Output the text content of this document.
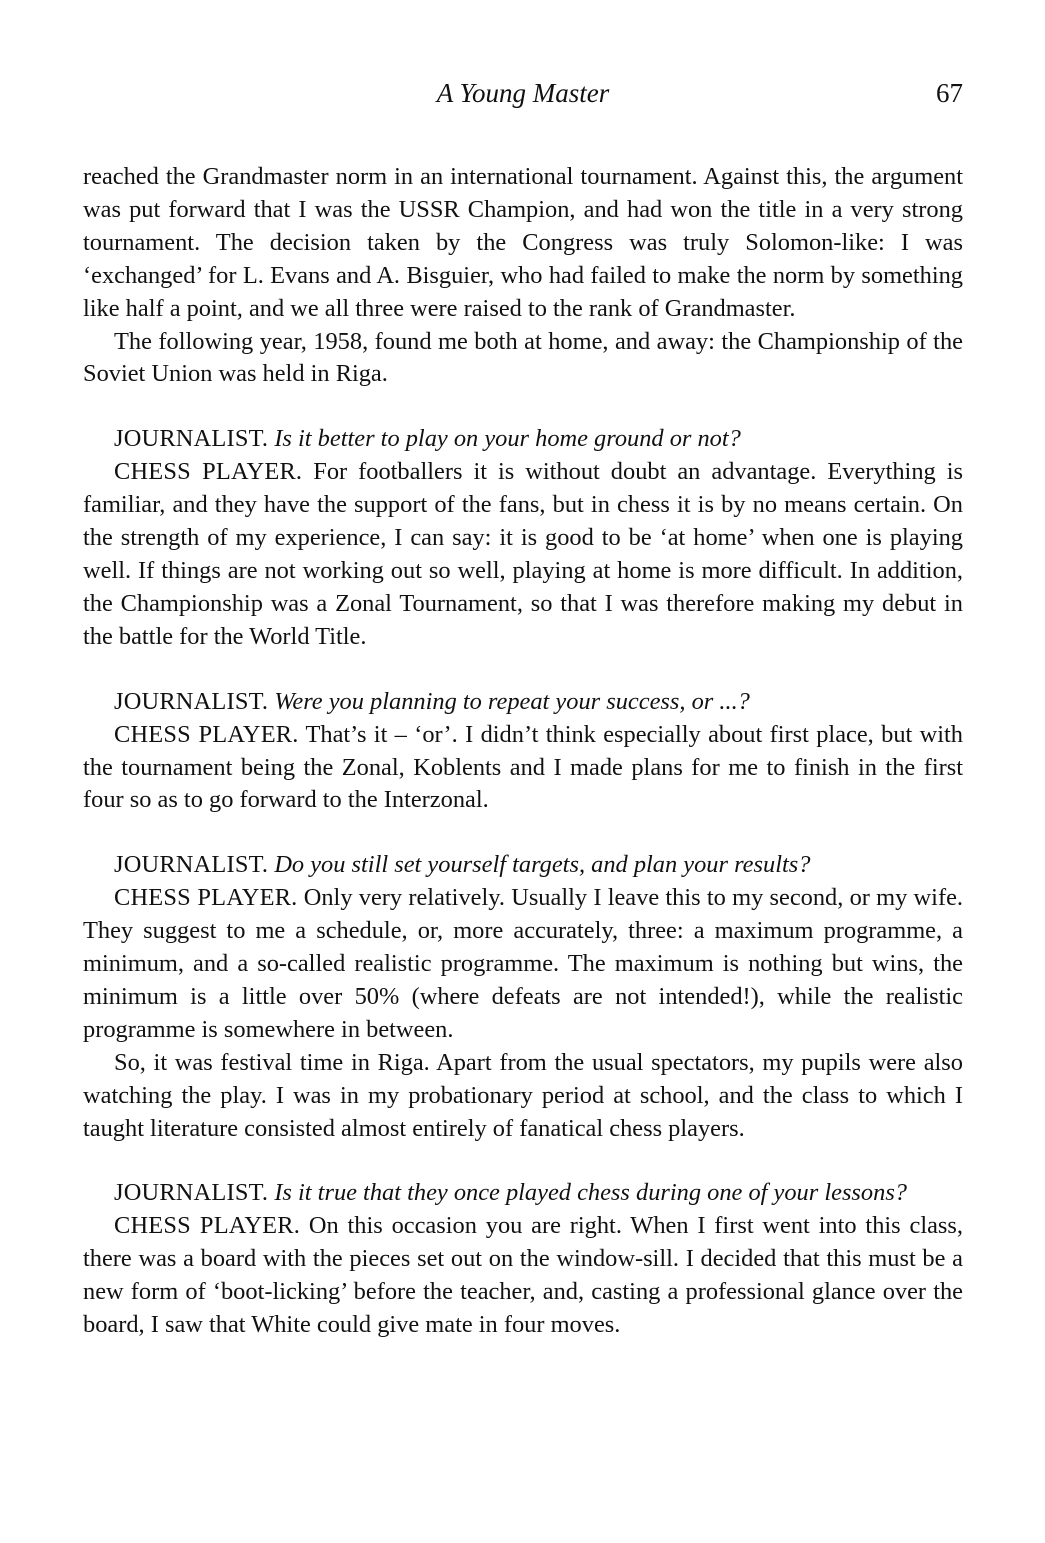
A Young Master	67

reached the Grandmaster norm in an international tournament. Against this, the argument was put forward that I was the USSR Champion, and had won the title in a very strong tournament. The decision taken by the Congress was truly Solomon-like: I was ‘exchanged’ for L. Evans and A. Bisguier, who had failed to make the norm by something like half a point, and we all three were raised to the rank of Grandmaster.

The following year, 1958, found me both at home, and away: the Championship of the Soviet Union was held in Riga.

JOURNALIST. Is it better to play on your home ground or not?

CHESS PLAYER. For footballers it is without doubt an advantage. Everything is familiar, and they have the support of the fans, but in chess it is by no means certain. On the strength of my experience, I can say: it is good to be ‘at home’ when one is playing well. If things are not working out so well, playing at home is more difficult. In addition, the Championship was a Zonal Tournament, so that I was therefore making my debut in the battle for the World Title.

JOURNALIST. Were you planning to repeat your success, or ...?

CHESS PLAYER. That’s it – ‘or’. I didn’t think especially about first place, but with the tournament being the Zonal, Koblents and I made plans for me to finish in the first four so as to go forward to the Interzonal.

JOURNALIST. Do you still set yourself targets, and plan your results?

CHESS PLAYER. Only very relatively. Usually I leave this to my second, or my wife. They suggest to me a schedule, or, more accurately, three: a maximum programme, a minimum, and a so-called realistic programme. The maximum is nothing but wins, the minimum is a little over 50% (where defeats are not intended!), while the realistic programme is somewhere in between.

So, it was festival time in Riga. Apart from the usual spectators, my pupils were also watching the play. I was in my probationary period at school, and the class to which I taught literature consisted almost entirely of fanatical chess players.

JOURNALIST. Is it true that they once played chess during one of your lessons?

CHESS PLAYER. On this occasion you are right. When I first went into this class, there was a board with the pieces set out on the window-sill. I decided that this must be a new form of ‘boot-licking’ before the teacher, and, casting a professional glance over the board, I saw that White could give mate in four moves.
